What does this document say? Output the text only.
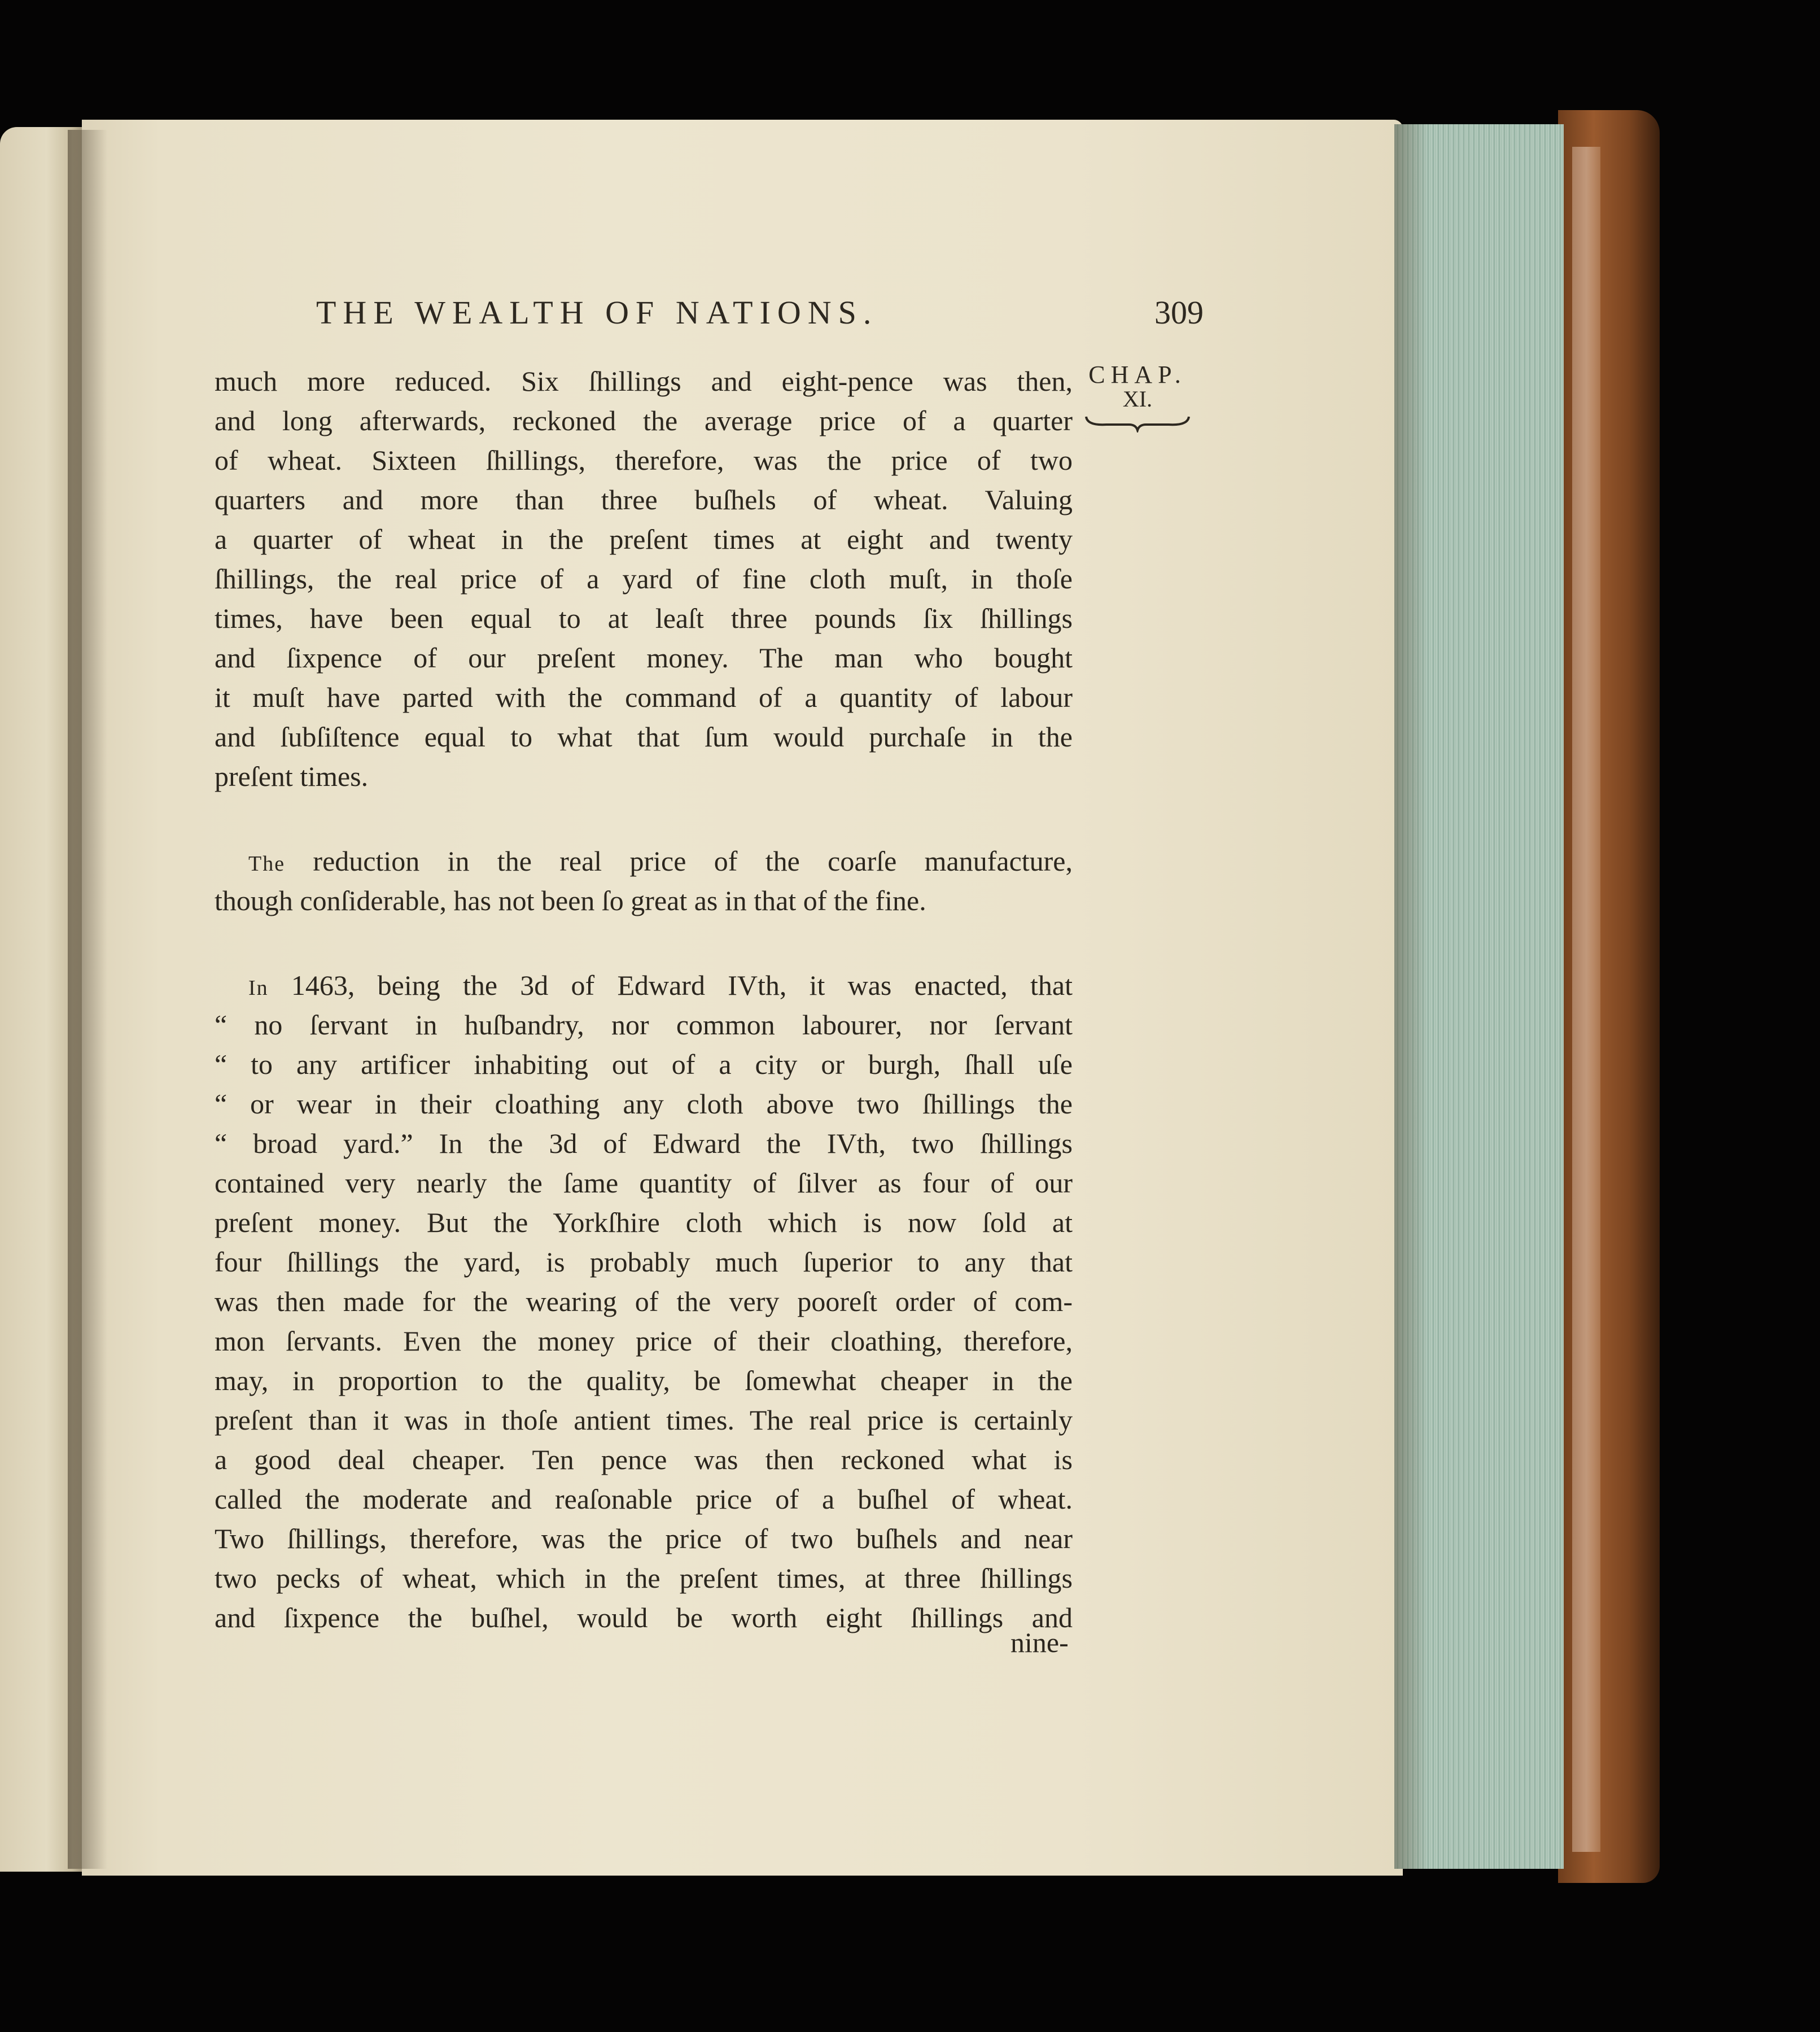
THE WEALTH OF NATIONS.	309
CHAP.
XI.
much more reduced. Six ſhillings and eight-pence was then,
and long afterwards, reckoned the average price of a quarter
of wheat. Sixteen ſhillings, therefore, was the price of two
quarters and more than three buſhels of wheat. Valuing
a quarter of wheat in the preſent times at eight and twenty
ſhillings, the real price of a yard of fine cloth muſt, in thoſe
times, have been equal to at leaſt three pounds ſix ſhillings
and ſixpence of our preſent money. The man who bought
it muſt have parted with the command of a quantity of labour
and ſubſiſtence equal to what that ſum would purchaſe in the
preſent times.
The reduction in the real price of the coarſe manufacture,
though conſiderable, has not been ſo great as in that of the fine.
In 1463, being the 3d of Edward IVth, it was enacted, that
“ no ſervant in huſbandry, nor common labourer, nor ſervant
“ to any artificer inhabiting out of a city or burgh, ſhall uſe
“ or wear in their cloathing any cloth above two ſhillings the
“ broad yard.” In the 3d of Edward the IVth, two ſhillings
contained very nearly the ſame quantity of ſilver as four of our
preſent money. But the Yorkſhire cloth which is now ſold at
four ſhillings the yard, is probably much ſuperior to any that
was then made for the wearing of the very pooreſt order of com-
mon ſervants. Even the money price of their cloathing, therefore,
may, in proportion to the quality, be ſomewhat cheaper in the
preſent than it was in thoſe antient times. The real price is certainly
a good deal cheaper. Ten pence was then reckoned what is
called the moderate and reaſonable price of a buſhel of wheat.
Two ſhillings, therefore, was the price of two buſhels and near
two pecks of wheat, which in the preſent times, at three ſhillings
and ſixpence the buſhel, would be worth eight ſhillings and
nine-
